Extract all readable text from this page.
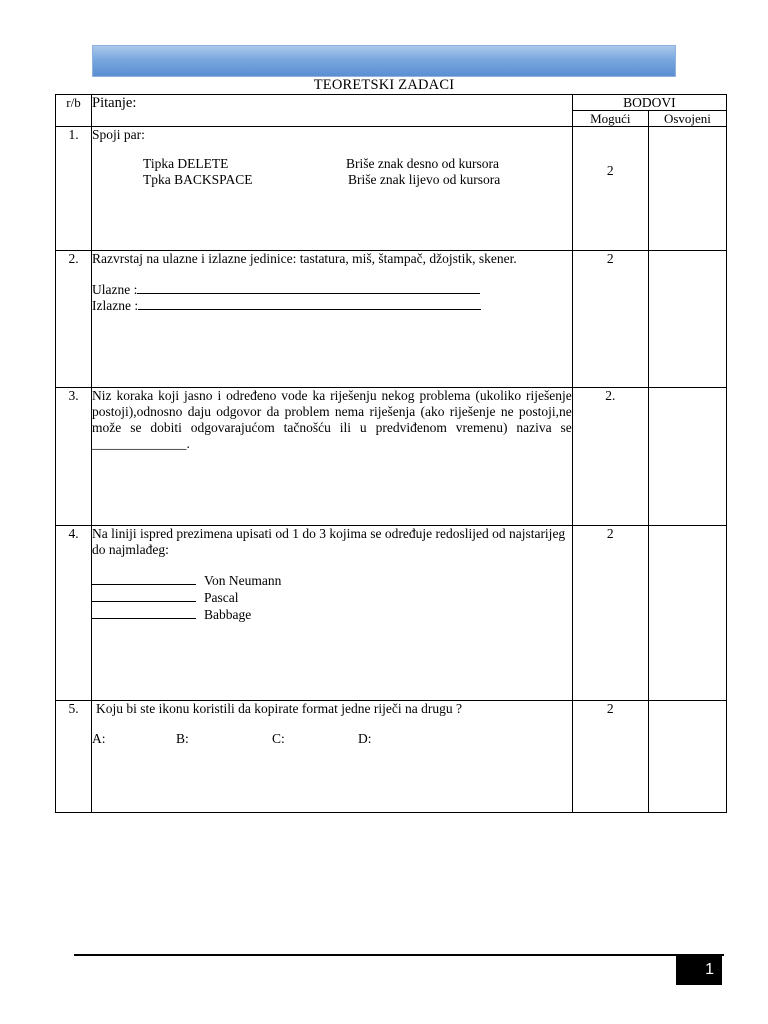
TEORETSKI ZADACI
r/b	Pitanje:	BODOVI	
		Mogući	Osvojeni
1.	Spoji par:
Tipka DELETE Briše znak desno od kursora
Tpka BACKSPACE Briše znak lijevo od kursora	2	
2.	Razvrstaj na ulazne i izlazne jedinice: tastatura, miš, štampač, džojstik, skener.
Ulazne :
Izlazne :	2	
3.	Niz koraka koji jasno i određeno vode ka riješenju nekog problema (ukoliko riješenje postoji),odnosno daju odgovor da problem nema riješenja (ako riješenje ne postoji,ne može se dobiti odgovarajućom tačnošću ili u predviđenom vremenu) naziva se ______________.	2.	
4.	Na liniji ispred prezimena upisati od 1 do 3 kojima se određuje redoslijed od najstarijeg do najmlađeg:
Von Neumann
Pascal
Babbage	2	
5.	Koju bi ste ikonu koristili da kopirate format jedne riječi na drugu ?
A: B: C: D:	2	
1
